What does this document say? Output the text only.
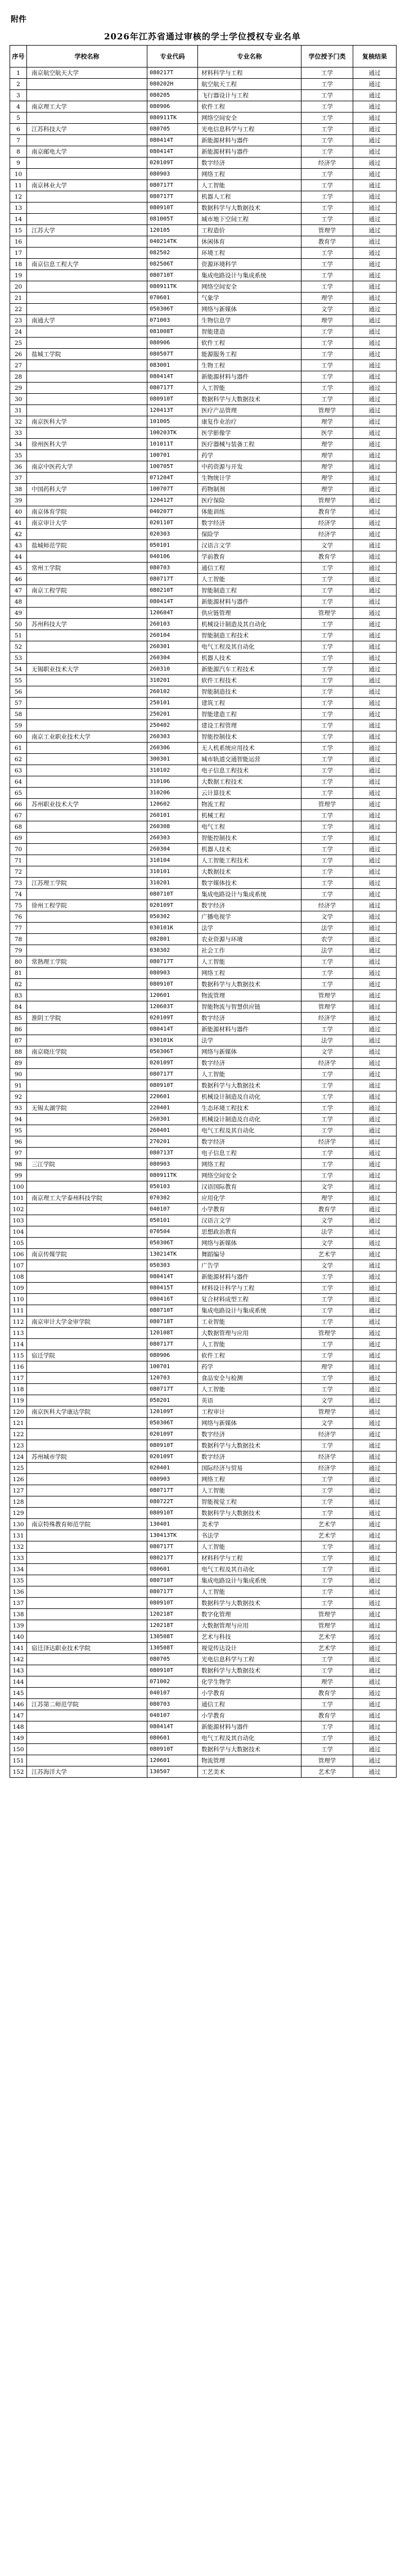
附件
2026年江苏省通过审核的学士学位授权专业名单
序号	学校名称	专业代码	专业名称	学位授予门类	复核结果
1	南京航空航天大学	080217T	材料科学与工程	工学	通过
2		080202H	航空航天工程	工学	通过
3		080205	飞行器设计与工程	工学	通过
4	南京理工大学	080906	软件工程	工学	通过
5		080911TK	网络空间安全	工学	通过
6	江苏科技大学	080705	光电信息科学与工程	工学	通过
7		080414T	新能源材料与器件	工学	通过
8	南京邮电大学	080414T	新能源材料与器件	工学	通过
9		020109T	数字经济	经济学	通过
10		080903	网络工程	工学	通过
11	南京林业大学	080717T	人工智能	工学	通过
12		080717T	机器人工程	工学	通过
13		080910T	数据科学与大数据技术	工学	通过
14		081005T	城市地下空间工程	工学	通过
15	江苏大学	120105	工程造价	管理学	通过
16		040214TK	休闲体育	教育学	通过
17		082502	环境工程	工学	通过
18	南京信息工程大学	082506T	资源环境科学	工学	通过
19		080710T	集成电路设计与集成系统	工学	通过
20		080911TK	网络空间安全	工学	通过
21		070601	气象学	理学	通过
22		050306T	网络与新媒体	文学	通过
23	南通大学	071003	生物信息学	理学	通过
24		081008T	智能建造	工学	通过
25		080906	软件工程	工学	通过
26	盐城工学院	080507T	能源服务工程	工学	通过
27		083001	生物工程	工学	通过
28		080414T	新能源材料与器件	工学	通过
29		080717T	人工智能	工学	通过
30		080910T	数据科学与大数据技术	工学	通过
31		120413T	医疗产品管理	管理学	通过
32	南京医科大学	101005	康复作业治疗	理学	通过
33		100203TK	医学影像学	医学	通过
34	徐州医科大学	101011T	医疗器械与装备工程	理学	通过
35		100701	药学	理学	通过
36	南京中医药大学	100705T	中药资源与开发	理学	通过
37		071204T	生物统计学	理学	通过
38	中国药科大学	100707T	药物制剂	理学	通过
39		120412T	医疗保险	管理学	通过
40	南京体育学院	040207T	体能训练	教育学	通过
41	南京审计大学	020110T	数字经济	经济学	通过
42		020303	保险学	经济学	通过
43	盐城师范学院	050101	汉语言文学	文学	通过
44		040106	学前教育	教育学	通过
45	常州工学院	080703	通信工程	工学	通过
46		080717T	人工智能	工学	通过
47	南京工程学院	080210T	智能制造工程	工学	通过
48		080414T	新能源材料与器件	工学	通过
49		120604T	供应链管理	管理学	通过
50	苏州科技大学	260103	机械设计制造及其自动化	工学	通过
51		260104	智能制造工程技术	工学	通过
52		260301	电气工程及其自动化	工学	通过
53		260304	机器人技术	工学	通过
54	无锡职业技术大学	260310	新能源汽车工程技术	工学	通过
55		310201	软件工程技术	工学	通过
56		260102	智能制造技术	工学	通过
57		250101	建筑工程	工学	通过
58		250201	智能建造工程	工学	通过
59		250402	建设工程管理	工学	通过
60	南京工业职业技术大学	260303	智能控制技术	工学	通过
61		260306	无人机系统应用技术	工学	通过
62		300301	城市轨道交通智能运营	工学	通过
63		310102	电子信息工程技术	工学	通过
64		310106	大数据工程技术	工学	通过
65		310206	云计算技术	工学	通过
66	苏州职业技术大学	120602	物流工程	管理学	通过
67		260101	机械工程	工学	通过
68		260308	电气工程	工学	通过
69		260303	智能控制技术	工学	通过
70		260304	机器人技术	工学	通过
71		310104	人工智能工程技术	工学	通过
72		310101	大数据技术	工学	通过
73	江苏理工学院	310201	数字媒体技术	工学	通过
74		080710T	集成电路设计与集成系统	工学	通过
75	徐州工程学院	020109T	数字经济	经济学	通过
76		050302	广播电视学	文学	通过
77		030101K	法学	法学	通过
78		082801	农业资源与环境	农学	通过
79		030302	社会工作	法学	通过
80	常熟理工学院	080717T	人工智能	工学	通过
81		080903	网络工程	工学	通过
82		080910T	数据科学与大数据技术	工学	通过
83		120601	物流管理	管理学	通过
84		120603T	智能物流与智慧供应链	管理学	通过
85	淮阴工学院	020109T	数字经济	经济学	通过
86		080414T	新能源材料与器件	工学	通过
87		030101K	法学	法学	通过
88	南京晓庄学院	050306T	网络与新媒体	文学	通过
89		020109T	数字经济	经济学	通过
90		080717T	人工智能	工学	通过
91		080910T	数据科学与大数据技术	工学	通过
92		220601	机械设计制造及自动化	工学	通过
93	无锡太湖学院	220401	生态环境工程技术	工学	通过
94		260301	机械设计制造及自动化	工学	通过
95		260401	电气工程及其自动化	工学	通过
96		270201	数字经济	经济学	通过
97		080713T	电子信息工程	工学	通过
98	三江学院	080903	网络工程	工学	通过
99		080911TK	网络空间安全	工学	通过
100		050103	汉语国际教育	文学	通过
101	南京理工大学泰州科技学院	070302	应用化学	理学	通过
102		040107	小学教育	教育学	通过
103		050101	汉语言文学	文学	通过
104		070504	思想政治教育	法学	通过
105		050306T	网络与新媒体	文学	通过
106	南京传媒学院	130214TK	舞蹈编导	艺术学	通过
107		050303	广告学	文学	通过
108		080414T	新能源材料与器件	工学	通过
109		080415T	材料设计科学与工程	工学	通过
110		080416T	复合材料成型工程	工学	通过
111		080710T	集成电路设计与集成系统	工学	通过
112	南京审计大学金审学院	080718T	工业智能	工学	通过
113		120108T	大数据管理与应用	管理学	通过
114		080717T	人工智能	工学	通过
115	宿迁学院	080906	软件工程	工学	通过
116		100701	药学	理学	通过
117		120703	食品安全与检测	工学	通过
118		080717T	人工智能	工学	通过
119		050201	英语	文学	通过
120	南京医科大学康达学院	120109T	工程审计	管理学	通过
121		050306T	网络与新媒体	文学	通过
122		020109T	数字经济	经济学	通过
123		080910T	数据科学与大数据技术	工学	通过
124	苏州城市学院	020109T	数字经济	经济学	通过
125		020401	国际经济与贸易	经济学	通过
126		080903	网络工程	工学	通过
127		080717T	人工智能	工学	通过
128		080722T	智能视觉工程	工学	通过
129		080910T	数据科学与大数据技术	工学	通过
130	南京特殊教育师范学院	130401	美术学	艺术学	通过
131		130413TK	书法学	艺术学	通过
132		080717T	人工智能	工学	通过
133		080217T	材料科学与工程	工学	通过
134		080601	电气工程及其自动化	工学	通过
135		080710T	集成电路设计与集成系统	工学	通过
136		080717T	人工智能	工学	通过
137		080910T	数据科学与大数据技术	工学	通过
138		120218T	数字化管理	管理学	通过
139		120218T	大数据管理与应用	管理学	通过
140		130508T	艺术与科技	艺术学	通过
141	宿迁泽达职业技术学院	130508T	视觉传达设计	艺术学	通过
142		080705	光电信息科学与工程	工学	通过
143		080910T	数据科学与大数据技术	工学	通过
144		071002	化学生物学	理学	通过
145		040107	小学教育	教育学	通过
146	江苏第二师范学院	080703	通信工程	工学	通过
147		040107	小学教育	教育学	通过
148		080414T	新能源材料与器件	工学	通过
149		080601	电气工程及其自动化	工学	通过
150		080910T	数据科学与大数据技术	工学	通过
151		120601	物流管理	管理学	通过
152	江苏海洋大学	130507	工艺美术	艺术学	通过
